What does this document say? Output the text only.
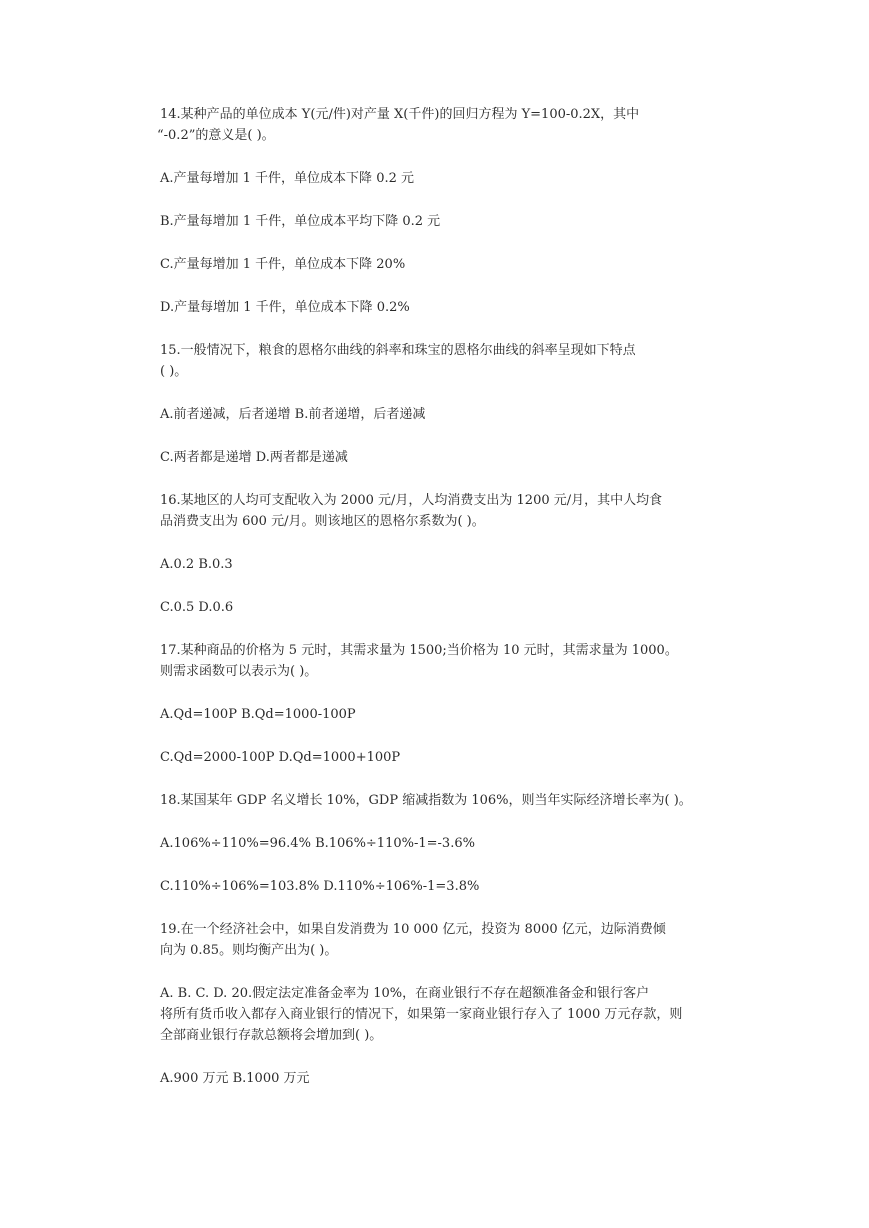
14.某种产品的单位成本 Y(元/件)对产量 X(千件)的回归方程为 Y=100-0.2X，其中
“-0.2”的意义是( )。

A.产量每增加 1 千件，单位成本下降 0.2 元

B.产量每增加 1 千件，单位成本平均下降 0.2 元

C.产量每增加 1 千件，单位成本下降 20%

D.产量每增加 1 千件，单位成本下降 0.2%

15.一般情况下，粮食的恩格尔曲线的斜率和珠宝的恩格尔曲线的斜率呈现如下特点
( )。

A.前者递减，后者递增 B.前者递增，后者递减

C.两者都是递增 D.两者都是递减

16.某地区的人均可支配收入为 2000 元/月，人均消费支出为 1200 元/月，其中人均食
品消费支出为 600 元/月。则该地区的恩格尔系数为( )。

A.0.2 B.0.3

C.0.5 D.0.6

17.某种商品的价格为 5 元时，其需求量为 1500;当价格为 10 元时，其需求量为 1000。
则需求函数可以表示为( )。

A.Qd=100P B.Qd=1000-100P

C.Qd=2000-100P D.Qd=1000+100P

18.某国某年 GDP 名义增长 10%，GDP 缩减指数为 106%，则当年实际经济增长率为( )。

A.106%÷110%=96.4% B.106%÷110%-1=-3.6%

C.110%÷106%=103.8% D.110%÷106%-1=3.8%

19.在一个经济社会中，如果自发消费为 10 000 亿元，投资为 8000 亿元，边际消费倾
向为 0.85。则均衡产出为( )。

A. B. C. D. 20.假定法定准备金率为 10%，在商业银行不存在超额准备金和银行客户
将所有货币收入都存入商业银行的情况下，如果第一家商业银行存入了 1000 万元存款，则
全部商业银行存款总额将会增加到( )。

A.900 万元 B.1000 万元
